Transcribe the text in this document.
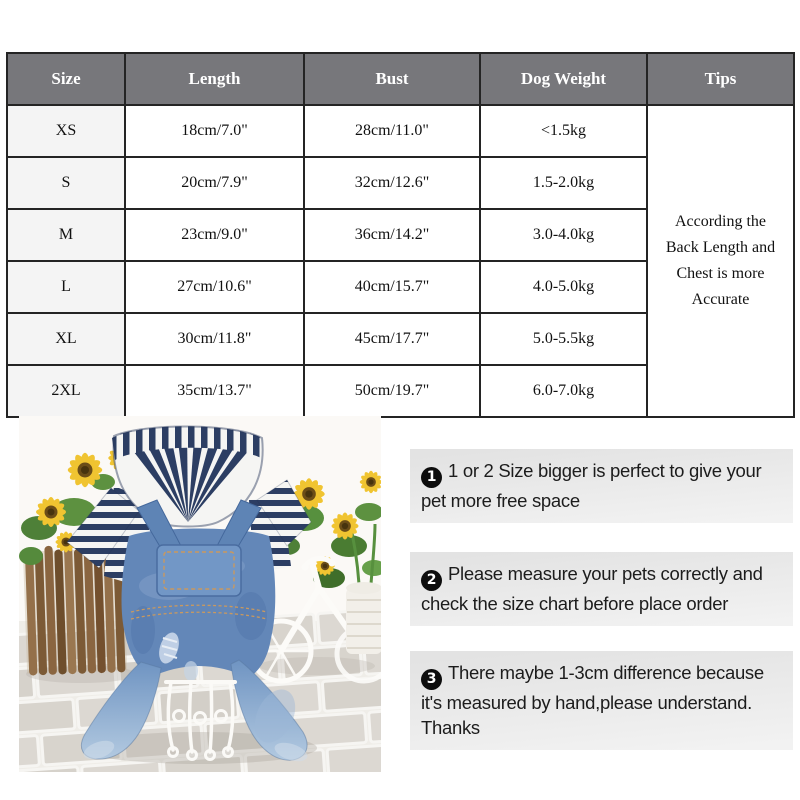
Size	Length	Bust	Dog Weight	Tips
XS	18cm/7.0"	28cm/11.0"	<1.5kg	According the Back Length and Chest is more Accurate
S	20cm/7.9"	32cm/12.6"	1.5-2.0kg	
M	23cm/9.0"	36cm/14.2"	3.0-4.0kg	
L	27cm/10.6"	40cm/15.7"	4.0-5.0kg	
XL	30cm/11.8"	45cm/17.7"	5.0-5.5kg	
2XL	35cm/13.7"	50cm/19.7"	6.0-7.0kg	
1 1 or 2 Size bigger is perfect to give your pet more free space
2 Please measure your pets correctly and check the size chart before place order
3 There maybe 1-3cm difference because it's measured by hand,please understand. Thanks
